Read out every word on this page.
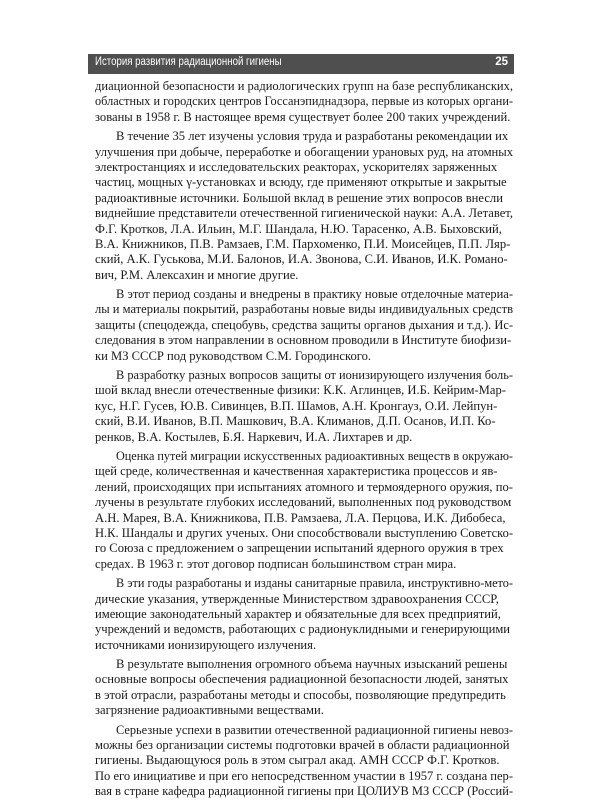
История развития радиационной гигиены	25
диационной безопасности и радиологических групп на базе республиканских,
областных и городских центров Госсанэпиднадзора, первые из которых органи-
зованы в 1958 г. В настоящее время существует более 200 таких учреждений.
В течение 35 лет изучены условия труда и разработаны рекомендации их
улучшения при добыче, переработке и обогащении урановых руд, на атомных
электростанциях и исследовательских реакторах, ускорителях заряженных
частиц, мощных γ-установках и всюду, где применяют открытые и закрытые
радиоактивные источники. Большой вклад в решение этих вопросов внесли
виднейшие представители отечественной гигиенической науки: А.А. Летавет,
Ф.Г. Кротков, Л.А. Ильин, М.Г. Шандала, Н.Ю. Тарасенко, А.В. Быховский,
В.А. Книжников, П.В. Рамзаев, Г.М. Пархоменко, П.И. Моисейцев, П.П. Ляр-
ский, А.К. Гуськова, М.И. Балонов, И.А. Звонова, С.И. Иванов, И.К. Романо-
вич, Р.М. Алексахин и многие другие.
В этот период созданы и внедрены в практику новые отделочные материа-
лы и материалы покрытий, разработаны новые виды индивидуальных средств
защиты (спецодежда, спецобувь, средства защиты органов дыхания и т.д.). Ис-
следования в этом направлении в основном проводили в Институте биофизи-
ки МЗ СССР под руководством С.М. Городинского.
В разработку разных вопросов защиты от ионизирующего излучения боль-
шой вклад внесли отечественные физики: К.К. Аглинцев, И.Б. Кейрим-Мар-
кус, Н.Г. Гусев, Ю.В. Сивинцев, В.П. Шамов, А.Н. Кронгауз, О.И. Лейпун-
ский, В.И. Иванов, В.П. Машкович, В.А. Климанов, Д.П. Осанов, И.П. Ко-
ренков, В.А. Костылев, Б.Я. Наркевич, И.А. Лихтарев и др.
Оценка путей миграции искусственных радиоактивных веществ в окружаю-
щей среде, количественная и качественная характеристика процессов и яв-
лений, происходящих при испытаниях атомного и термоядерного оружия, по-
лучены в результате глубоких исследований, выполненных под руководством
А.Н. Марея, В.А. Книжникова, П.В. Рамзаева, Л.А. Перцова, И.К. Дибобеса,
Н.К. Шандалы и других ученых. Они способствовали выступлению Советско-
го Союза с предложением о запрещении испытаний ядерного оружия в трех
средах. В 1963 г. этот договор подписан большинством стран мира.
В эти годы разработаны и изданы санитарные правила, инструктивно-мето-
дические указания, утвержденные Министерством здравоохранения СССР,
имеющие законодательный характер и обязательные для всех предприятий,
учреждений и ведомств, работающих с радионуклидными и генерирующими
источниками ионизирующего излучения.
В результате выполнения огромного объема научных изысканий решены
основные вопросы обеспечения радиационной безопасности людей, занятых
в этой отрасли, разработаны методы и способы, позволяющие предупредить
загрязнение радиоактивными веществами.
Серьезные успехи в развитии отечественной радиационной гигиены невоз-
можны без организации системы подготовки врачей в области радиационной
гигиены. Выдающуюся роль в этом сыграл акад. АМН СССР Ф.Г. Кротков.
По его инициативе и при его непосредственном участии в 1957 г. создана пер-
вая в стране кафедра радиационной гигиены при ЦОЛИУВ МЗ СССР (Россий-
